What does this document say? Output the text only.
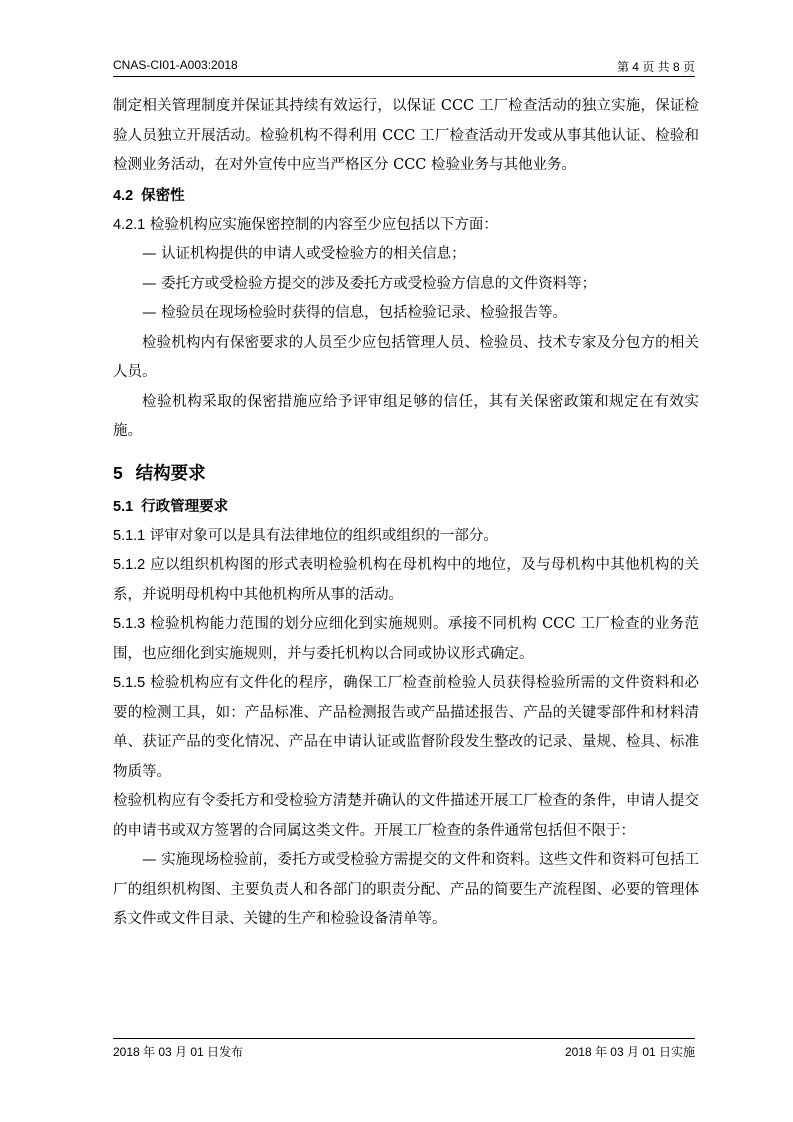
CNAS-CI01-A003:2018	第 4 页 共 8 页

制定相关管理制度并保证其持续有效运行，以保证 CCC 工厂检查活动的独立实施，保证检验人员独立开展活动。检验机构不得利用 CCC 工厂检查活动开发或从事其他认证、检验和检测业务活动，在对外宣传中应当严格区分 CCC 检验业务与其他业务。

4.2 保密性

4.2.1 检验机构应实施保密控制的内容至少应包括以下方面：

— 认证机构提供的申请人或受检验方的相关信息；

— 委托方或受检验方提交的涉及委托方或受检验方信息的文件资料等；

— 检验员在现场检验时获得的信息，包括检验记录、检验报告等。

检验机构内有保密要求的人员至少应包括管理人员、检验员、技术专家及分包方的相关人员。

检验机构采取的保密措施应给予评审组足够的信任，其有关保密政策和规定在有效实施。

5 结构要求
5.1 行政管理要求

5.1.1 评审对象可以是具有法律地位的组织或组织的一部分。

5.1.2 应以组织机构图的形式表明检验机构在母机构中的地位，及与母机构中其他机构的关系，并说明母机构中其他机构所从事的活动。

5.1.3 检验机构能力范围的划分应细化到实施规则。承接不同机构 CCC 工厂检查的业务范围，也应细化到实施规则，并与委托机构以合同或协议形式确定。

5.1.5 检验机构应有文件化的程序，确保工厂检查前检验人员获得检验所需的文件资料和必要的检测工具，如：产品标准、产品检测报告或产品描述报告、产品的关键零部件和材料清单、获证产品的变化情况、产品在申请认证或监督阶段发生整改的记录、量规、检具、标准物质等。

检验机构应有令委托方和受检验方清楚并确认的文件描述开展工厂检查的条件，申请人提交的申请书或双方签署的合同属这类文件。开展工厂检查的条件通常包括但不限于：

— 实施现场检验前，委托方或受检验方需提交的文件和资料。这些文件和资料可包括工厂的组织机构图、主要负责人和各部门的职责分配、产品的简要生产流程图、必要的管理体系文件或文件目录、关键的生产和检验设备清单等。

2018 年 03 月 01 日发布	2018 年 03 月 01 日实施
